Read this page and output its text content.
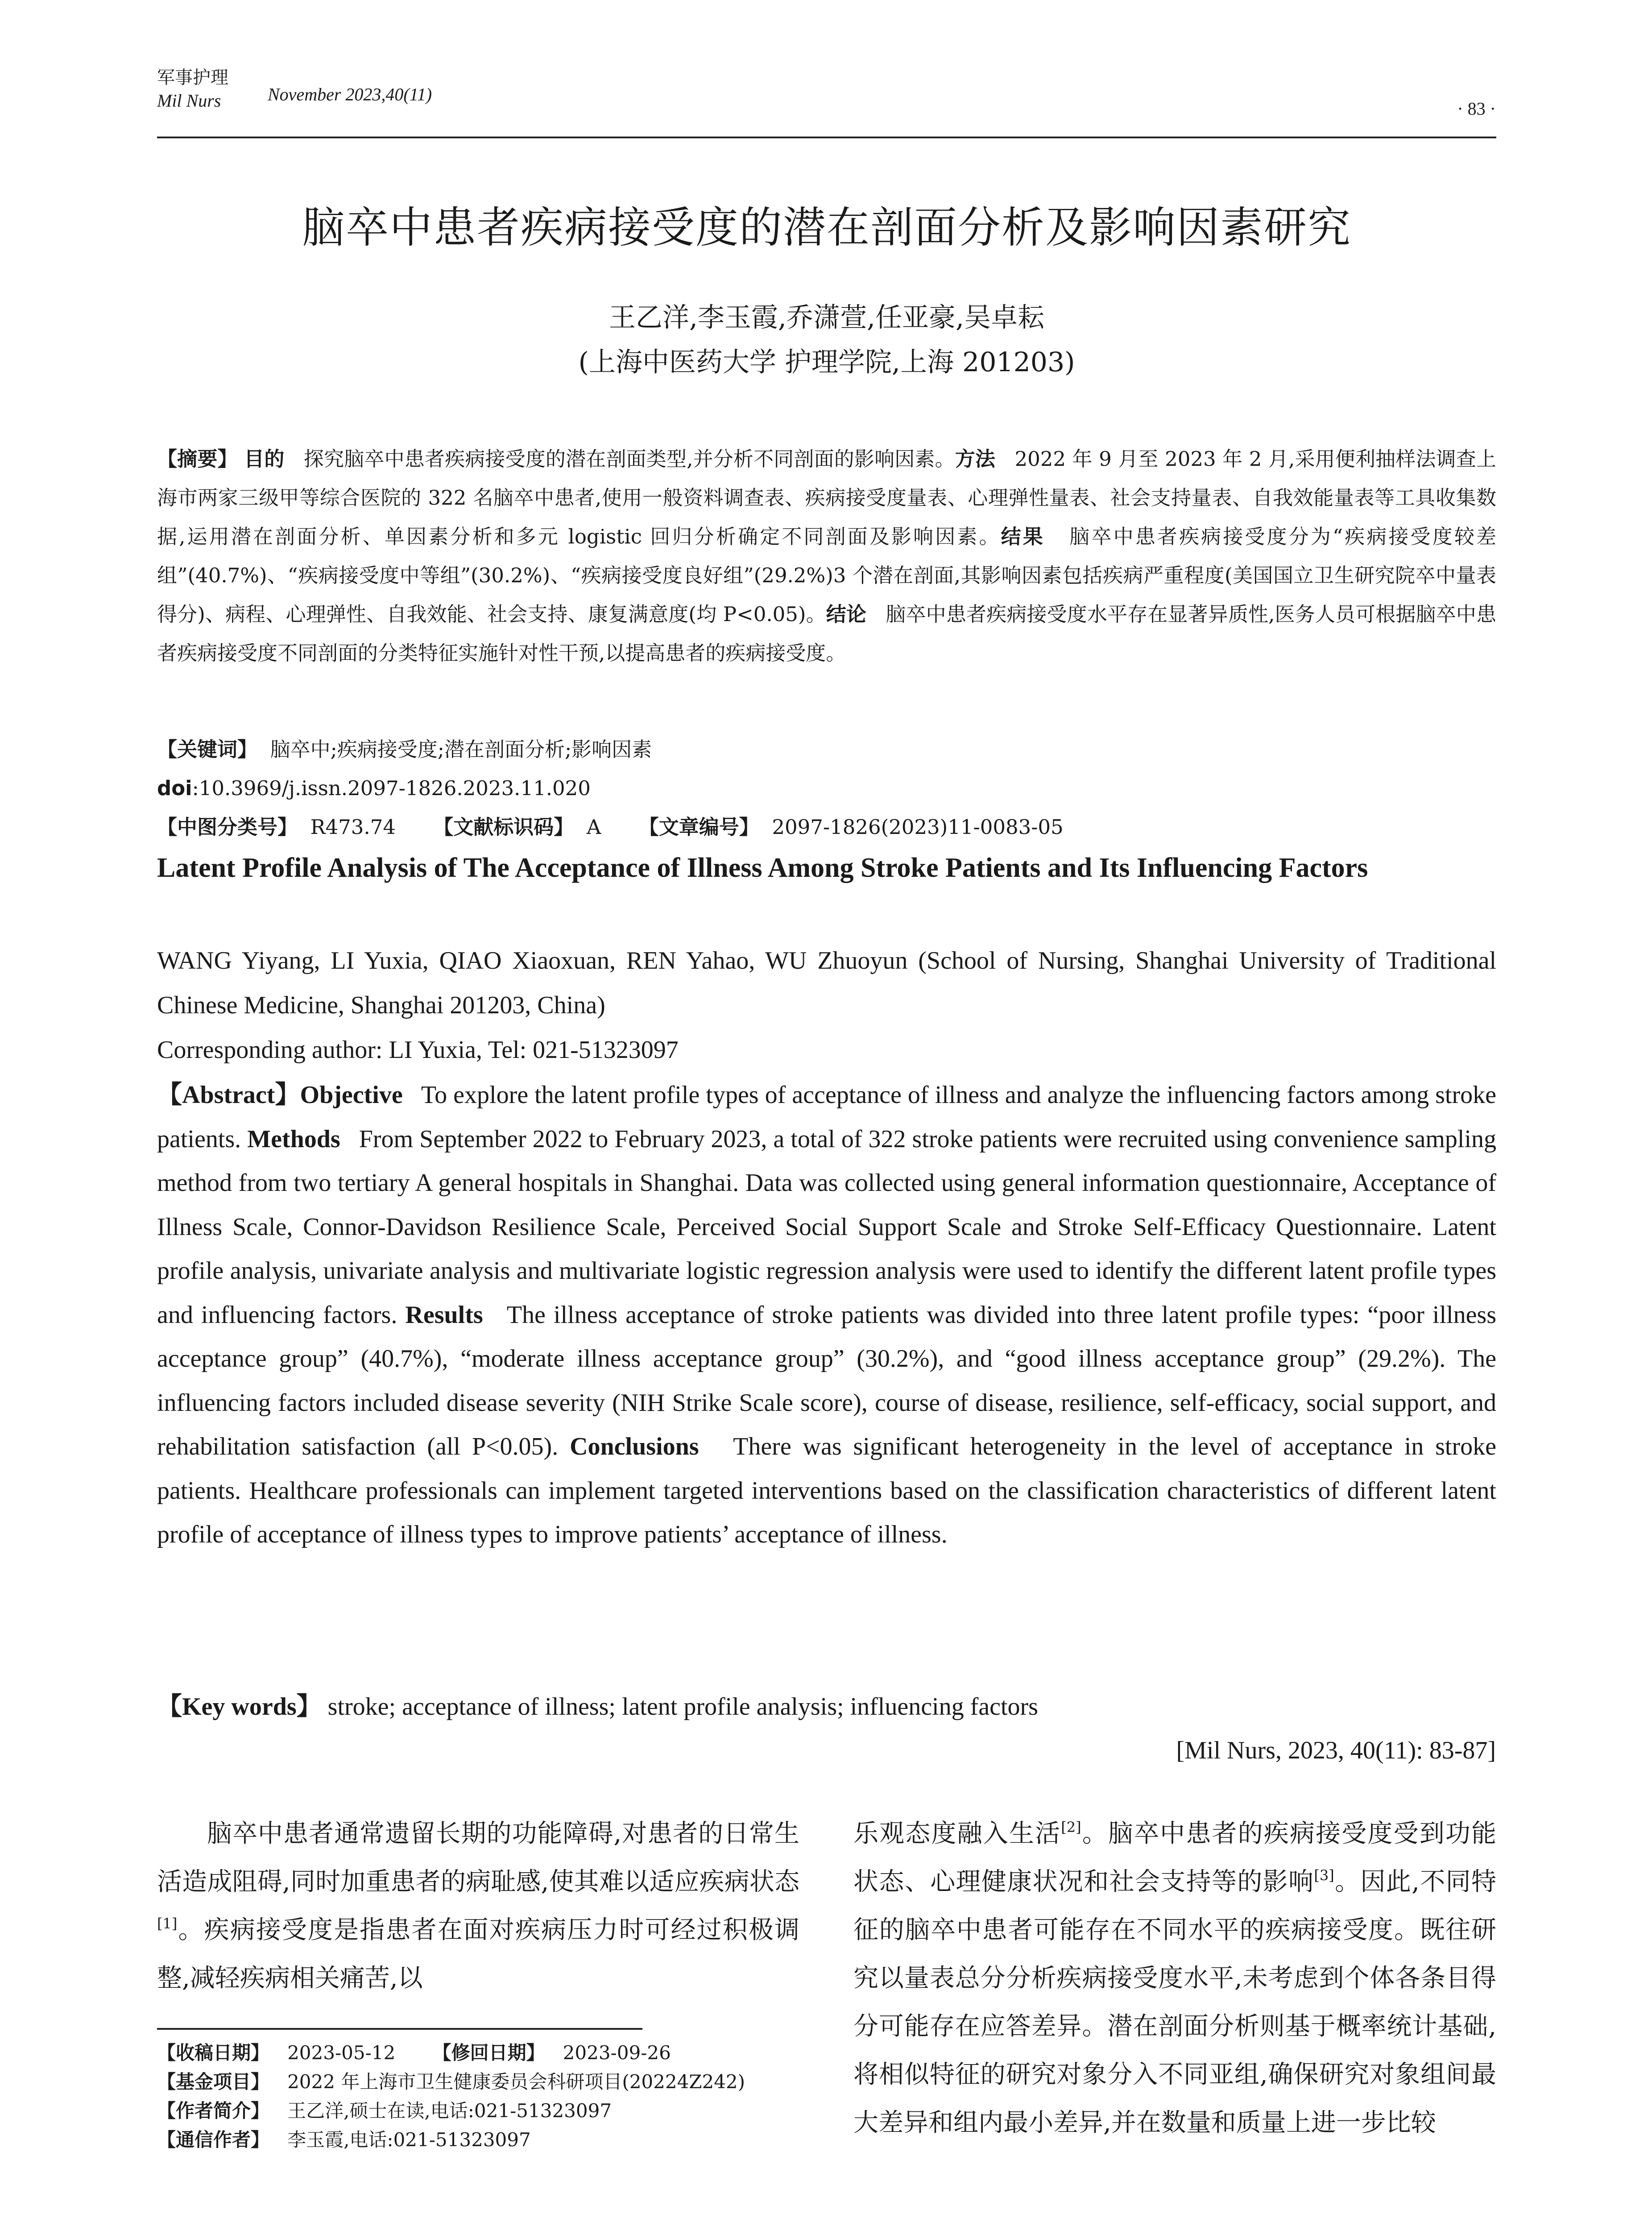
军事护理
Mil Nurs	November 2023,40(11)
· 83 ·
脑卒中患者疾病接受度的潜在剖面分析及影响因素研究
王乙洋,李玉霞,乔潇萱,任亚豪,吴卓耘
(上海中医药大学 护理学院,上海 201203)
【摘要】 目的 探究脑卒中患者疾病接受度的潜在剖面类型,并分析不同剖面的影响因素。方法 2022 年 9 月至 2023 年 2 月,采用便利抽样法调查上海市两家三级甲等综合医院的 322 名脑卒中患者,使用一般资料调查表、疾病接受度量表、心理弹性量表、社会支持量表、自我效能量表等工具收集数据,运用潜在剖面分析、单因素分析和多元 logistic 回归分析确定不同剖面及影响因素。结果 脑卒中患者疾病接受度分为“疾病接受度较差组”(40.7%)、“疾病接受度中等组”(30.2%)、“疾病接受度良好组”(29.2%)3 个潜在剖面,其影响因素包括疾病严重程度(美国国立卫生研究院卒中量表得分)、病程、心理弹性、自我效能、社会支持、康复满意度(均 P<0.05)。结论 脑卒中患者疾病接受度水平存在显著异质性,医务人员可根据脑卒中患者疾病接受度不同剖面的分类特征实施针对性干预,以提高患者的疾病接受度。
【关键词】 脑卒中;疾病接受度;潜在剖面分析;影响因素
doi:10.3969/j.issn.2097-1826.2023.11.020
【中图分类号】 R473.74 【文献标识码】 A 【文章编号】 2097-1826(2023)11-0083-05
Latent Profile Analysis of The Acceptance of Illness Among Stroke Patients and Its Influencing Factors
WANG Yiyang, LI Yuxia, QIAO Xiaoxuan, REN Yahao, WU Zhuoyun (School of Nursing, Shanghai University of Traditional Chinese Medicine, Shanghai 201203, China)
Corresponding author: LI Yuxia, Tel: 021-51323097
【Abstract】Objective To explore the latent profile types of acceptance of illness and analyze the influencing factors among stroke patients. Methods From September 2022 to February 2023, a total of 322 stroke patients were recruited using convenience sampling method from two tertiary A general hospitals in Shanghai. Data was collected using general information questionnaire, Acceptance of Illness Scale, Connor-Davidson Resilience Scale, Perceived Social Support Scale and Stroke Self-Efficacy Questionnaire. Latent profile analysis, univariate analysis and multivariate logistic regression analysis were used to identify the different latent profile types and influencing factors. Results The illness acceptance of stroke patients was divided into three latent profile types: “poor illness acceptance group” (40.7%), “moderate illness acceptance group” (30.2%), and “good illness acceptance group” (29.2%). The influencing factors included disease severity (NIH Strike Scale score), course of disease, resilience, self-efficacy, social support, and rehabilitation satisfaction (all P<0.05). Conclusions There was significant heterogeneity in the level of acceptance in stroke patients. Healthcare professionals can implement targeted interventions based on the classification characteristics of different latent profile of acceptance of illness types to improve patients’ acceptance of illness.
【Key words】 stroke; acceptance of illness; latent profile analysis; influencing factors
[Mil Nurs, 2023, 40(11): 83-87]
脑卒中患者通常遗留长期的功能障碍,对患者的日常生活造成阻碍,同时加重患者的病耻感,使其难以适应疾病状态[1]。疾病接受度是指患者在面对疾病压力时可经过积极调整,减轻疾病相关痛苦,以
乐观态度融入生活[2]。脑卒中患者的疾病接受度受到功能状态、心理健康状况和社会支持等的影响[3]。因此,不同特征的脑卒中患者可能存在不同水平的疾病接受度。既往研究以量表总分分析疾病接受度水平,未考虑到个体各条目得分可能存在应答差异。潜在剖面分析则基于概率统计基础,将相似特征的研究对象分入不同亚组,确保研究对象组间最大差异和组内最小差异,并在数量和质量上进一步比较
【收稿日期】 2023-05-12 【修回日期】 2023-09-26
【基金项目】 2022 年上海市卫生健康委员会科研项目(20224Z242)
【作者简介】 王乙洋,硕士在读,电话:021-51323097
【通信作者】 李玉霞,电话:021-51323097
